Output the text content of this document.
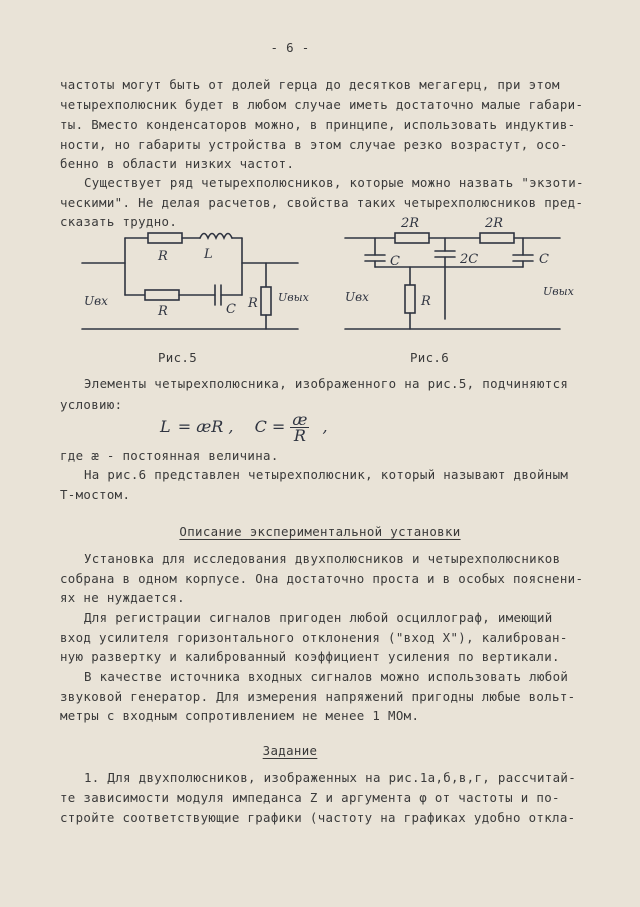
- 6 -
частоты могут быть от долей герца до десятков мегагерц, при этом
четырехполюсник будет в любом случае иметь достаточно малые габари-
ты. Вместо конденсаторов можно, в принципе, использовать индуктив-
ности, но габариты устройства в этом случае резко возрастут, осо-
бенно в области низких частот.
Существует ряд четырехполюсников, которые можно назвать "экзоти-
ческими". Не делая расчетов, свойства таких четырехполюсников пред-
сказать трудно.
R	L
R	C R
Uвх	Uвых
2R	2R
C	2C	C
R
Uвх	Uвых
Рис.5	Рис.6
Элементы четырехполюсника, изображенного на рис.5, подчиняются
условию:
L = æR , $C = \frac{æ}{R}$ ,
где æ - постоянная величина.
На рис.6 представлен четырехполюсник, который называют двойным
Т-мостом.
Описание экспериментальной установки
Установка для исследования двухполюсников и четырехполюсников
собрана в одном корпусе. Она достаточно проста и в особых пояснени-
ях не нуждается.
Для регистрации сигналов пригоден любой осциллограф, имеющий
вход усилителя горизонтального отклонения ("вход X"), калиброван-
ную развертку и калиброванный коэффициент усиления по вертикали.
В качестве источника входных сигналов можно использовать любой
звуковой генератор. Для измерения напряжений пригодны любые вольт-
метры с входным сопротивлением не менее 1 МОм.
Задание
1. Для двухполюсников, изображенных на рис.1а,б,в,г, рассчитай-
те зависимости модуля импеданса Z и аргумента φ от частоты и по-
стройте соответствующие графики (частоту на графиках удобно откла-
